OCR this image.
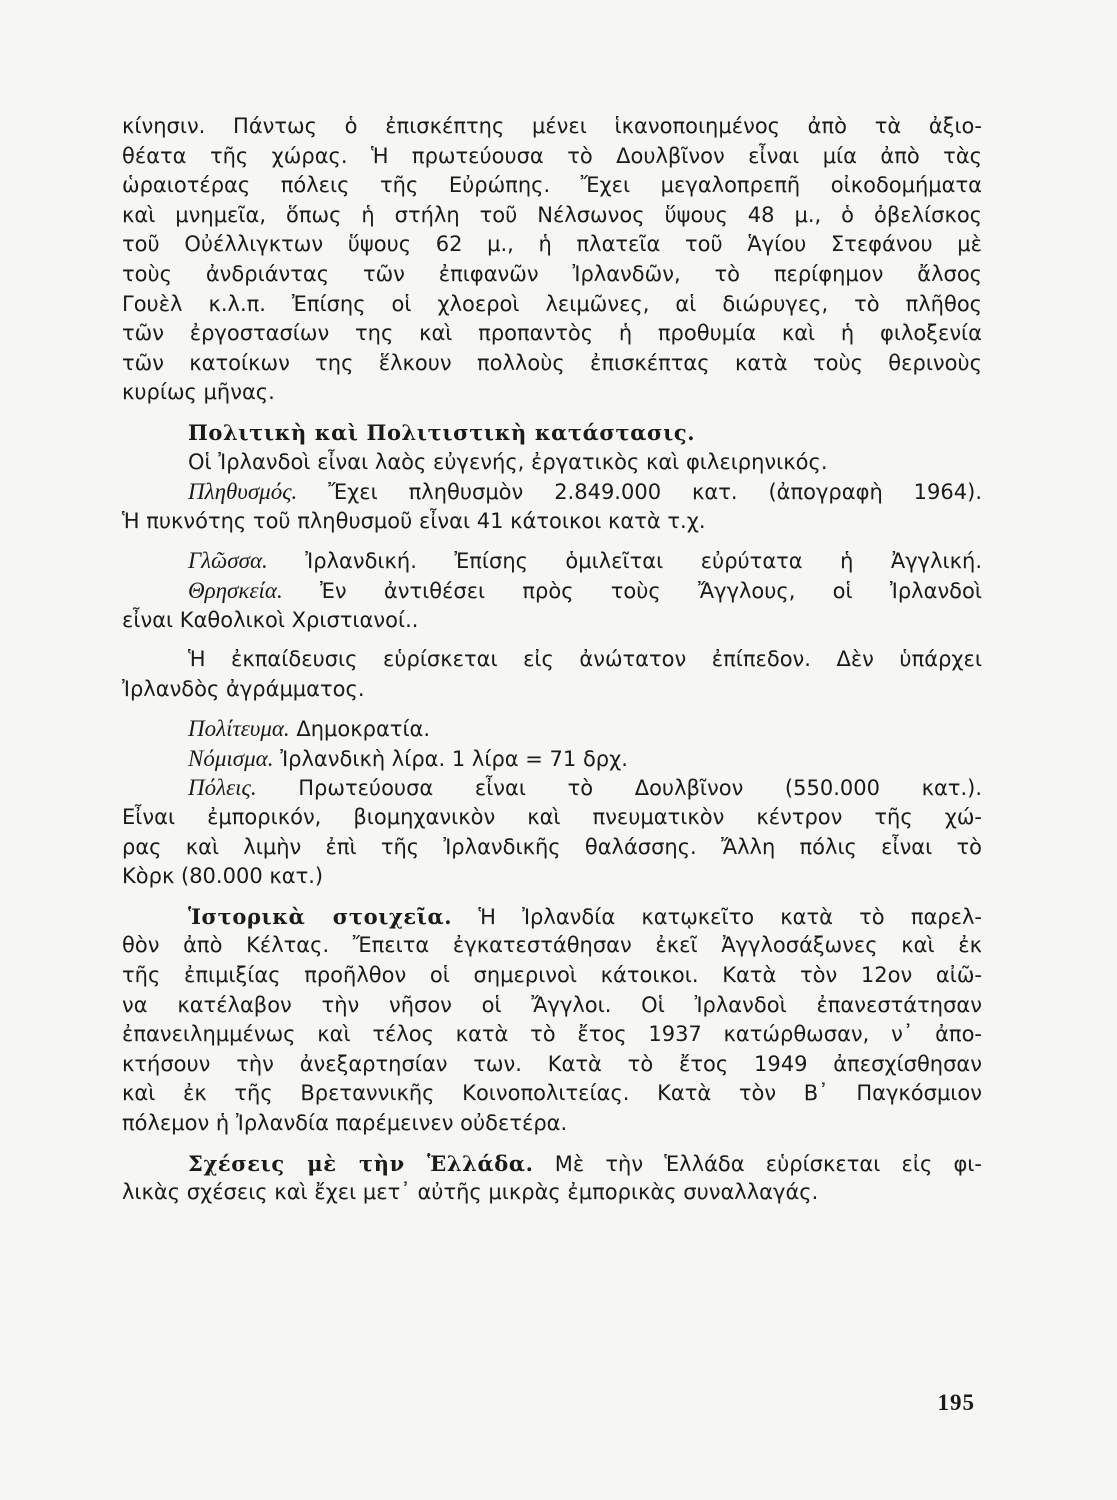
κίνησιν. Πάντως ὁ ἐπισκέπτης μένει ἱκανοποιημένος ἀπὸ τὰ ἀξιο-
θέατα τῆς χώρας. Ἡ πρωτεύουσα τὸ Δουλβῖνον εἶναι μία ἀπὸ τὰς
ὡραιοτέρας πόλεις τῆς Εὐρώπης. Ἔχει μεγαλοπρεπῆ οἰκοδομήματα
καὶ μνημεῖα, ὅπως ἡ στήλη τοῦ Νέλσωνος ὕψους 48 μ., ὁ ὀβελίσκος
τοῦ Οὐέλλιγκτων ὕψους 62 μ., ἡ πλατεῖα τοῦ Ἁγίου Στεφάνου μὲ
τοὺς ἀνδριάντας τῶν ἐπιφανῶν Ἰρλανδῶν, τὸ περίφημον ἄλσος
Γουὲλ κ.λ.π. Ἐπίσης οἱ χλοεροὶ λειμῶνες, αἱ διώρυγες, τὸ πλῆθος
τῶν ἐργοστασίων της καὶ προπαντὸς ἡ προθυμία καὶ ἡ φιλοξενία
τῶν κατοίκων της ἕλκουν πολλοὺς ἐπισκέπτας κατὰ τοὺς θερινοὺς
κυρίως μῆνας.
Πολιτικὴ καὶ Πολιτιστικὴ κατάστασις.
Οἱ Ἰρλανδοὶ εἶναι λαὸς εὐγενής, ἐργατικὸς καὶ φιλειρηνικός.
Πληθυσμός. Ἔχει πληθυσμὸν 2.849.000 κατ. (ἀπογραφὴ 1964).
Ἡ πυκνότης τοῦ πληθυσμοῦ εἶναι 41 κάτοικοι κατὰ τ.χ.
Γλῶσσα. Ἰρλανδική. Ἐπίσης ὁμιλεῖται εὐρύτατα ἡ Ἀγγλική.
Θρησκεία. Ἐν ἀντιθέσει πρὸς τοὺς Ἄγγλους, οἱ Ἰρλανδοὶ
εἶναι Καθολικοὶ Χριστιανοί..
Ἡ ἐκπαίδευσις εὑρίσκεται εἰς ἀνώτατον ἐπίπεδον. Δὲν ὑπάρχει
Ἰρλανδὸς ἀγράμματος.
Πολίτευμα. Δημοκρατία.
Νόμισμα. Ἰρλανδικὴ λίρα. 1 λίρα = 71 δρχ.
Πόλεις. Πρωτεύουσα εἶναι τὸ Δουλβῖνον (550.000 κατ.).
Εἶναι ἐμπορικόν, βιομηχανικὸν καὶ πνευματικὸν κέντρον τῆς χώ-
ρας καὶ λιμὴν ἐπὶ τῆς Ἰρλανδικῆς θαλάσσης. Ἄλλη πόλις εἶναι τὸ
Κὸρκ (80.000 κατ.)
Ἱστορικὰ στοιχεῖα. Ἡ Ἰρλανδία κατῳκεῖτο κατὰ τὸ παρελ-
θὸν ἀπὸ Κέλτας. Ἔπειτα ἐγκατεστάθησαν ἐκεῖ Ἀγγλοσάξωνες καὶ ἐκ
τῆς ἐπιμιξίας προῆλθον οἱ σημερινοὶ κάτοικοι. Κατὰ τὸν 12ον αἰῶ-
να κατέλαβον τὴν νῆσον οἱ Ἄγγλοι. Οἱ Ἰρλανδοὶ ἐπανεστάτησαν
ἐπανειλημμένως καὶ τέλος κατὰ τὸ ἔτος 1937 κατώρθωσαν, ν᾽ ἀπο-
κτήσουν τὴν ἀνεξαρτησίαν των. Κατὰ τὸ ἔτος 1949 ἀπεσχίσθησαν
καὶ ἐκ τῆς Βρεταννικῆς Κοινοπολιτείας. Κατὰ τὸν Β᾽ Παγκόσμιον
πόλεμον ἡ Ἰρλανδία παρέμεινεν οὐδετέρα.
Σχέσεις μὲ τὴν Ἑλλάδα. Μὲ τὴν Ἑλλάδα εὑρίσκεται εἰς φι-
λικὰς σχέσεις καὶ ἔχει μετ᾽ αὐτῆς μικρὰς ἐμπορικὰς συναλλαγάς.
195
